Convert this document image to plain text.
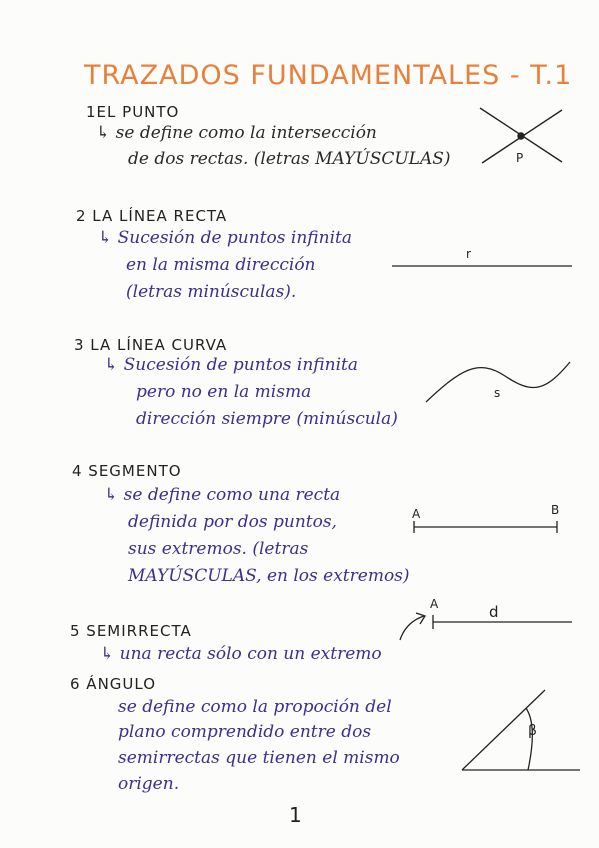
TRAZADOS FUNDAMENTALES - T.1
1EL PUNTO
↳ se define como la intersección
de dos rectas. (letras MAYÚSCULAS)	P
2 LA LÍNEA RECTA
↳ Sucesión de puntos infinita
en la misma dirección
(letras minúsculas).
r
3 LA LÍNEA CURVA
↳ Sucesión de puntos infinita
pero no en la misma
dirección siempre (minúscula)
s
4 SEGMENTO
↳ se define como una recta
definida por dos puntos,
sus extremos. (letras
MAYÚSCULAS, en los extremos)
A	B
5 SEMIRRECTA
↳ una recta sólo con un extremo
A	d
6 ÁNGULO
se define como la propoción del
plano comprendido entre dos
semirrectas que tienen el mismo
origen.
β
1
